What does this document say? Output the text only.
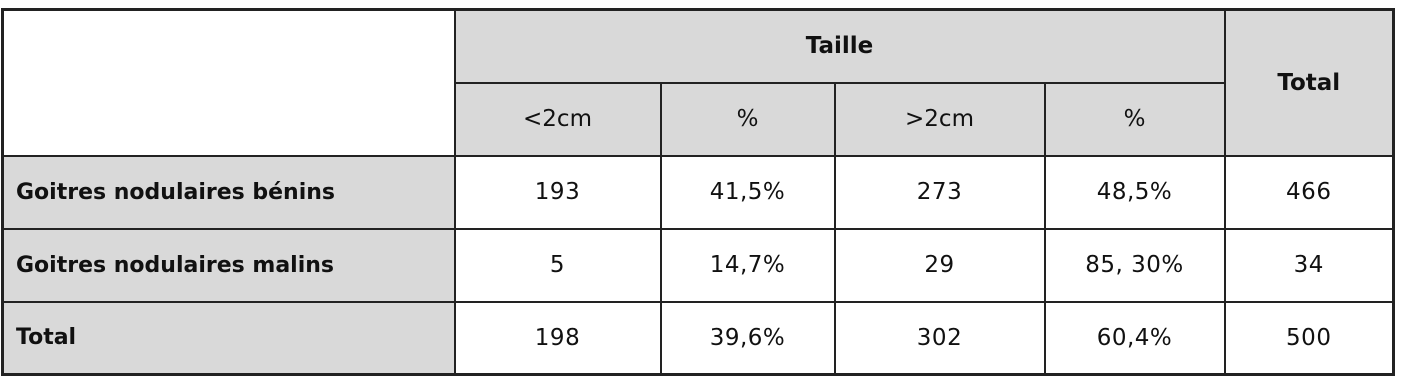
	Taille				Total
	<2cm	%	>2cm	%	
Goitres nodulaires bénins	193	41,5%	273	48,5%	466
Goitres nodulaires malins	5	14,7%	29	85, 30%	34
Total	198	39,6%	302	60,4%	500
